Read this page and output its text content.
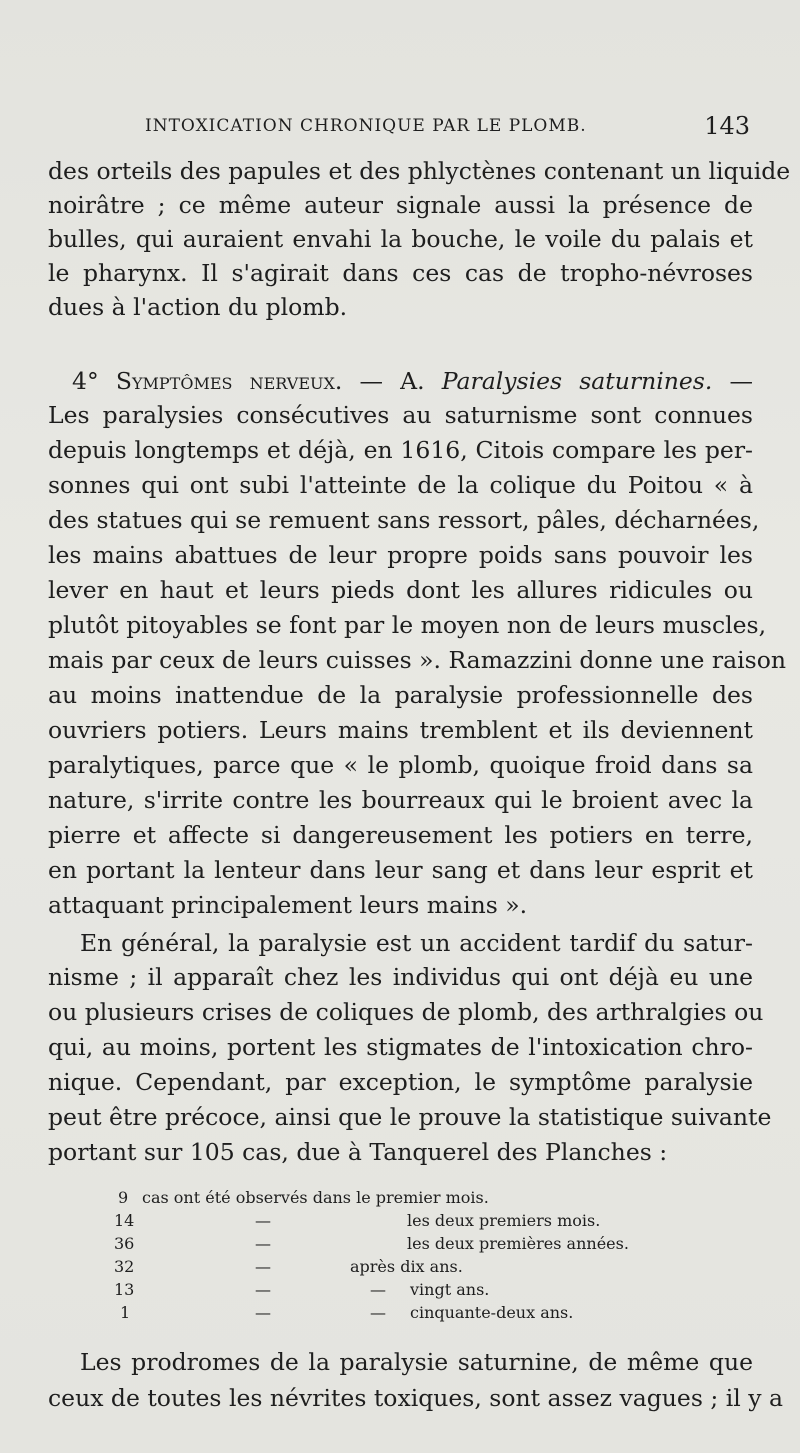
INTOXICATION CHRONIQUE PAR LE PLOMB.	143
des orteils des papules et des phlyctènes contenant un liquide
noirâtre ; ce même auteur signale aussi la présence de
bulles, qui auraient envahi la bouche, le voile du palais et
le pharynx. Il s'agirait dans ces cas de tropho-névroses
dues à l'action du plomb.
4° Symptômes nerveux. — A. Paralysies saturnines. —
Les paralysies consécutives au saturnisme sont connues
depuis longtemps et déjà, en 1616, Citois compare les per-
sonnes qui ont subi l'atteinte de la colique du Poitou « à
des statues qui se remuent sans ressort, pâles, décharnées,
les mains abattues de leur propre poids sans pouvoir les
lever en haut et leurs pieds dont les allures ridicules ou
plutôt pitoyables se font par le moyen non de leurs muscles,
mais par ceux de leurs cuisses ». Ramazzini donne une raison
au moins inattendue de la paralysie professionnelle des
ouvriers potiers. Leurs mains tremblent et ils deviennent
paralytiques, parce que « le plomb, quoique froid dans sa
nature, s'irrite contre les bourreaux qui le broient avec la
pierre et affecte si dangereusement les potiers en terre,
en portant la lenteur dans leur sang et dans leur esprit et
attaquant principalement leurs mains ».
En général, la paralysie est un accident tardif du satur-
nisme ; il apparaît chez les individus qui ont déjà eu une
ou plusieurs crises de coliques de plomb, des arthralgies ou
qui, au moins, portent les stigmates de l'intoxication chro-
nique. Cependant, par exception, le symptôme paralysie
peut être précoce, ainsi que le prouve la statistique suivante
portant sur 105 cas, due à Tanquerel des Planches :
9 cas ont été observés dans le premier mois.
14	—	les deux premiers mois.
36	—	les deux premières années.
32	—	après dix ans.
13	—	— vingt ans.
1	—	— cinquante-deux ans.
Les prodromes de la paralysie saturnine, de même que
ceux de toutes les névrites toxiques, sont assez vagues ; il y a
